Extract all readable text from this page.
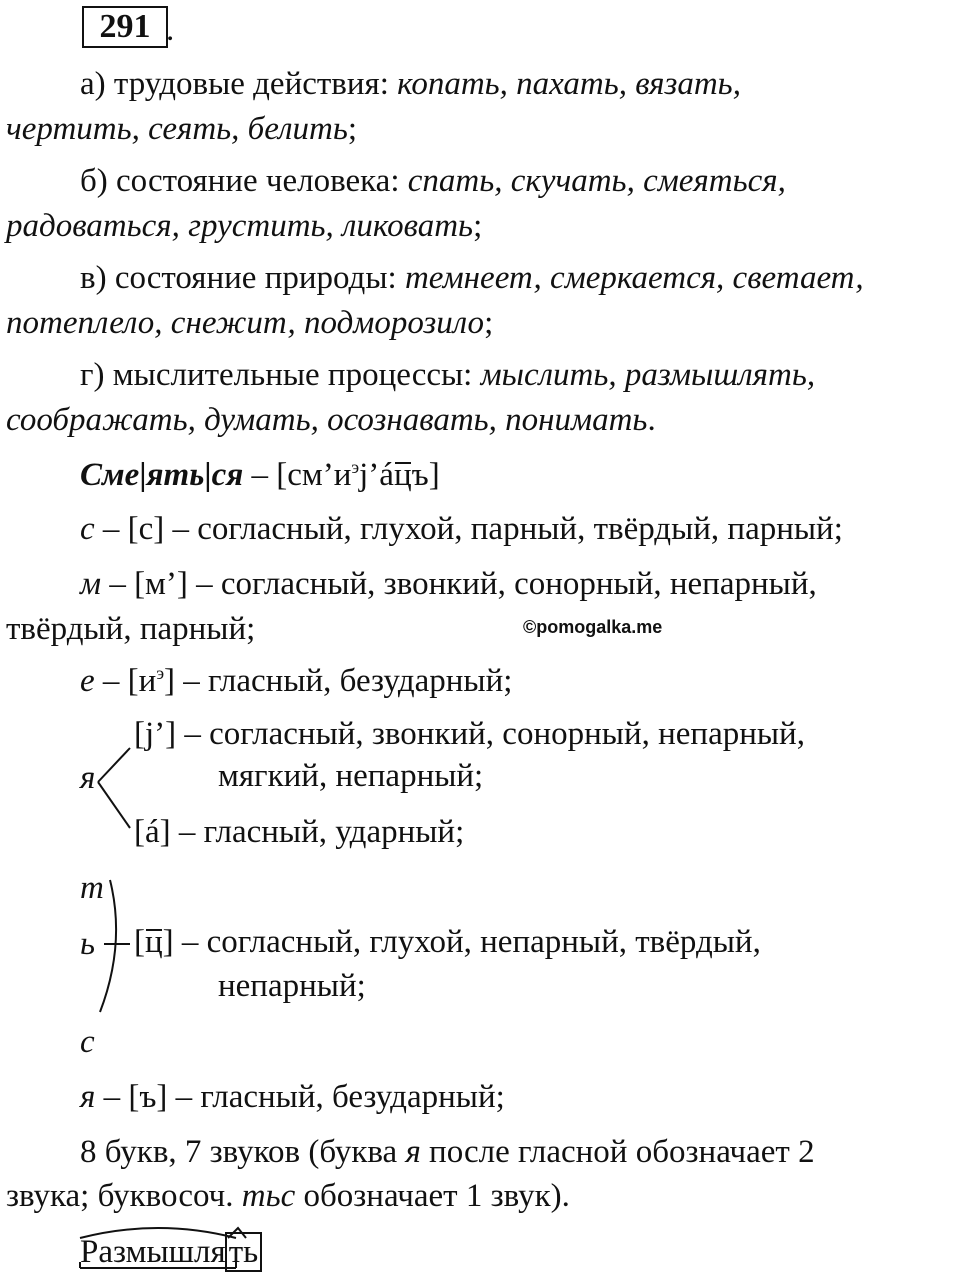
291 .
а) трудовые действия: копать, пахать, вязать,
чертить, сеять, белить;
б) состояние человека: спать, скучать, смеяться,
радоваться, грустить, ликовать;
в) состояние природы: темнеет, смеркается, светает,
потеплело, снежит, подморозило;
г) мыслительные процессы: мыслить, размышлять,
соображать, думать, осознавать, понимать.
$Сме|ять|ся - [см’и^эj’áцъ]$
с – [с] – согласный, глухой, парный, твёрдый, парный;
м – [м’] – согласный, звонкий, сонорный, непарный,
твёрдый, парный;	©pomogalka.me
е – $[и^э]$ – гласный, безударный;
я
[j’] – согласный, звонкий, сонорный, непарный,
мягкий, непарный;
[á] – гласный, ударный;
т
ь [ц] – согласный, глухой, непарный, твёрдый,
непарный;
с
я – [ъ] – гласный, безударный;
8 букв, 7 звуков (буква я после гласной обозначает 2
звука; буквосоч. тьс обозначает 1 звук).
Размышлять
